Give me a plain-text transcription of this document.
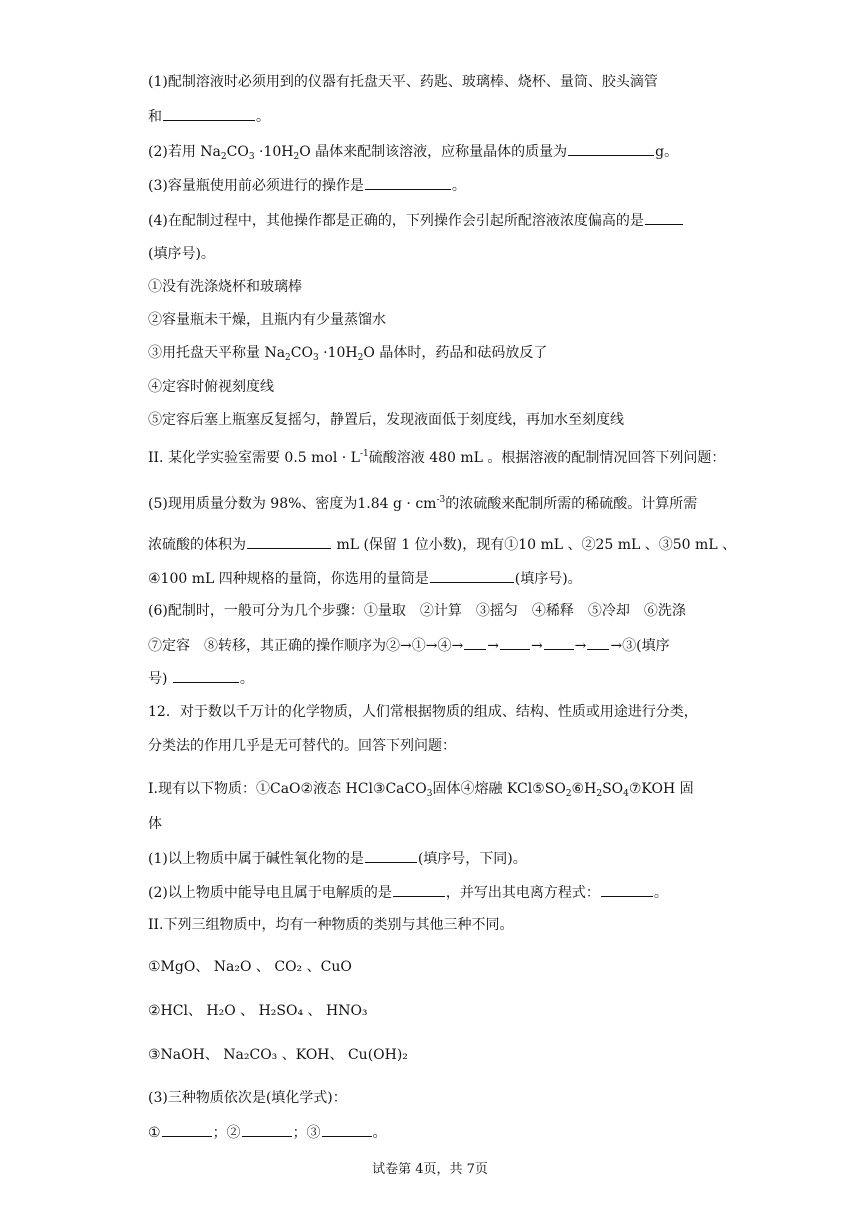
(1)配制溶液时必须用到的仪器有托盘天平、药匙、玻璃棒、烧杯、量筒、胶头滴管
和	。
(2)若用 $Na_2CO_3 \cdot 10H_2O$ 晶体来配制该溶液，应称量晶体的质量为	g。
(3)容量瓶使用前必须进行的操作是	。
(4)在配制过程中，其他操作都是正确的，下列操作会引起所配溶液浓度偏高的是
(填序号)。
①没有洗涤烧杯和玻璃棒
②容量瓶未干燥，且瓶内有少量蒸馏水
③用托盘天平称量 $Na_2CO_3 \cdot 10H_2O$ 晶体时，药品和砝码放反了
④定容时俯视刻度线
⑤定容后塞上瓶塞反复摇匀，静置后，发现液面低于刻度线，再加水至刻度线
II. 某化学实验室需要 0.5 mol · $L^{-1}$硫酸溶液 480 mL 。根据溶液的配制情况回答下列问题：
(5)现用质量分数为 98%、密度为1.84 $g \cdot cm^{-3}$的浓硫酸来配制所需的稀硫酸。计算所需
浓硫酸的体积为	mL (保留 1 位小数)，现有①10 mL 、②25 mL 、③50 mL 、
④100 mL 四种规格的量筒，你选用的量筒是	(填序号)。
(6)配制时，一般可分为几个步骤：①量取　②计算　③摇匀　④稀释　⑤冷却　⑥洗涤
⑦定容　⑧转移，其正确的操作顺序为②→①→④→ → → → →③(填序
号)	。
12．对于数以千万计的化学物质，人们常根据物质的组成、结构、性质或用途进行分类，
分类法的作用几乎是无可替代的。回答下列问题：
I.现有以下物质：①CaO②液态 HCl③CaCO$_3$固体④熔融 $KCl⑤SO_2⑥H_2SO_4⑦KOH$ 固
体
(1)以上物质中属于碱性氧化物的是	(填序号，下同)。
(2)以上物质中能导电且属于电解质的是	，并写出其电离方程式：	。
II.下列三组物质中，均有一种物质的类别与其他三种不同。
①MgO、 Na₂O 、 CO₂ 、CuO
②HCl、 H₂O 、 H₂SO₄ 、 HNO₃
③NaOH、 Na₂CO₃ 、KOH、 Cu(OH)₂
(3)三种物质依次是(填化学式)：
①	；②	；③	。
试卷第 4页，共 7页
